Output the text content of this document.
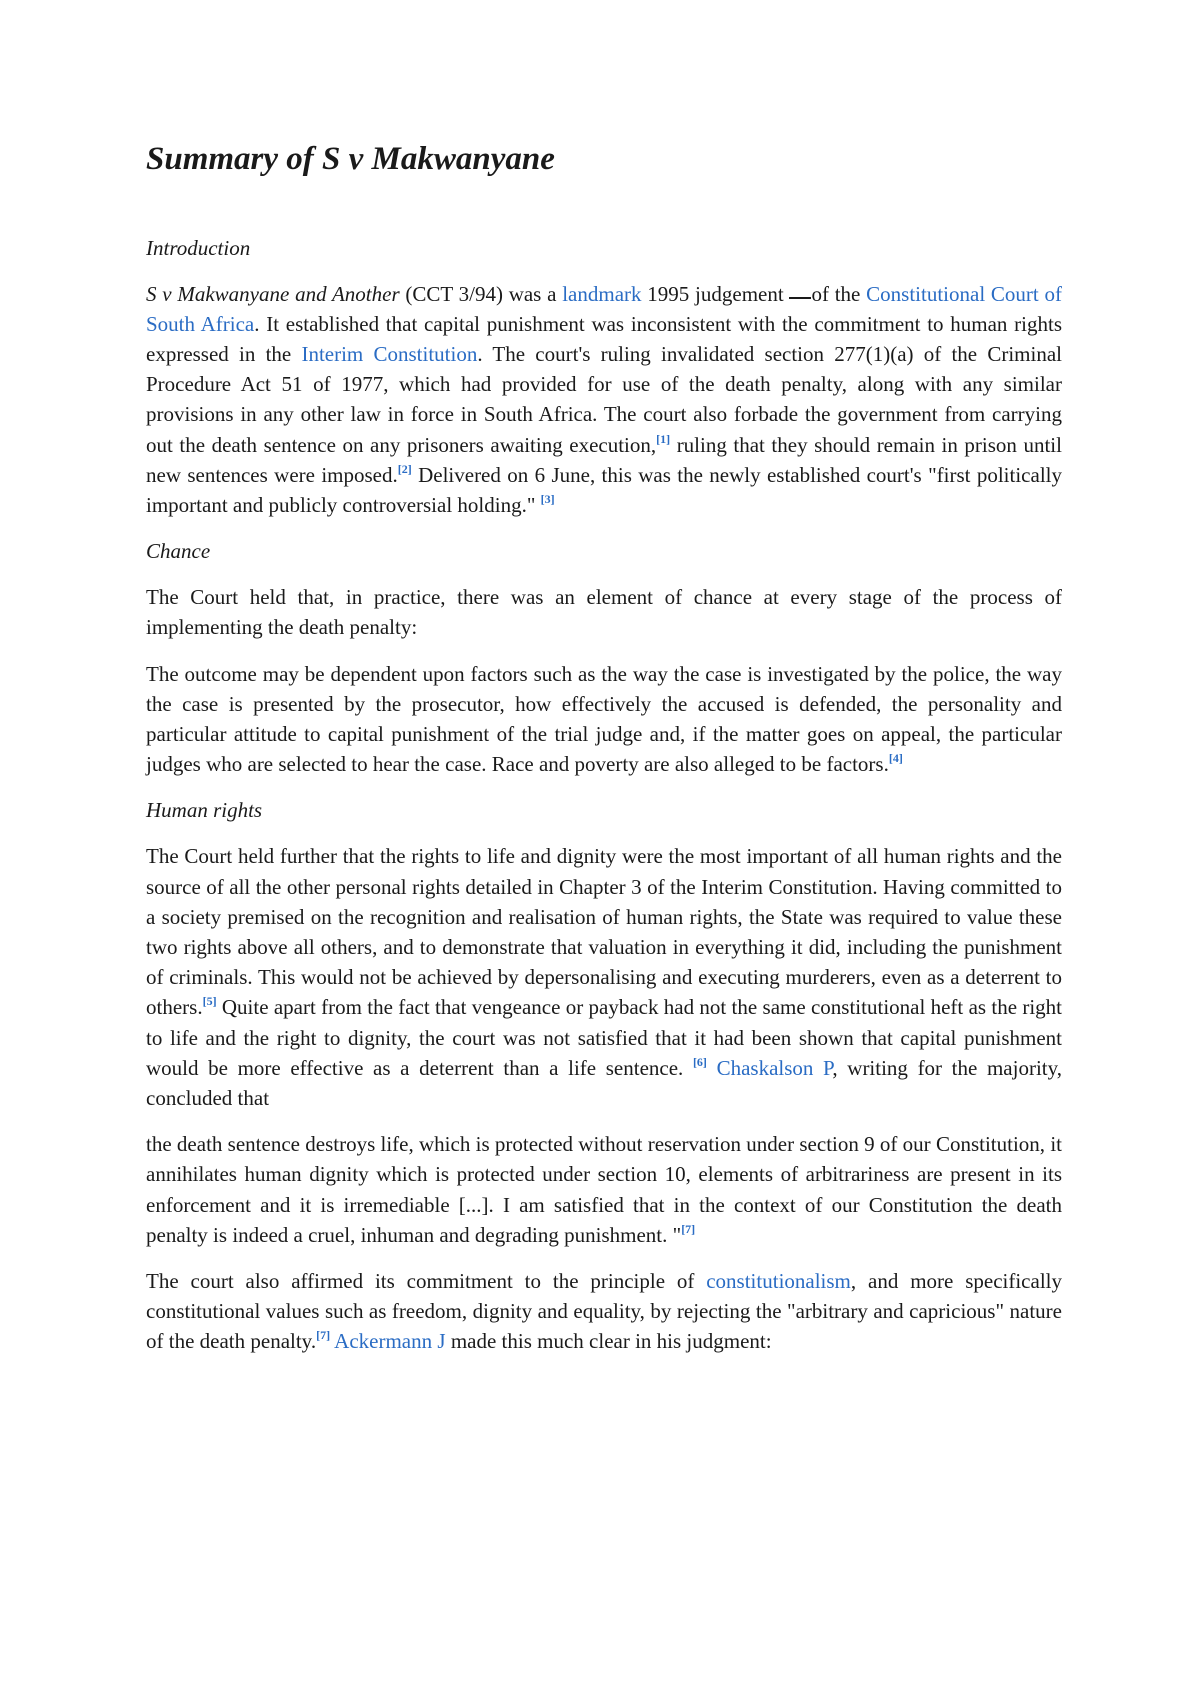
Summary of S v Makwanyane
Introduction

S v Makwanyane and Another (CCT 3/94) was a landmark 1995 judgement of the Constitutional Court of South Africa. It established that capital punishment was inconsistent with the commitment to human rights expressed in the Interim Constitution. The court's ruling invalidated section 277(1)(a) of the Criminal Procedure Act 51 of 1977, which had provided for use of the death penalty, along with any similar provisions in any other law in force in South Africa. The court also forbade the government from carrying out the death sentence on any prisoners awaiting execution,[1] ruling that they should remain in prison until new sentences were imposed.[2] Delivered on 6 June, this was the newly established court's "first politically important and publicly controversial holding." [3]

Chance

The Court held that, in practice, there was an element of chance at every stage of the process of implementing the death penalty:

The outcome may be dependent upon factors such as the way the case is investigated by the police, the way the case is presented by the prosecutor, how effectively the accused is defended, the personality and particular attitude to capital punishment of the trial judge and, if the matter goes on appeal, the particular judges who are selected to hear the case. Race and poverty are also alleged to be factors.[4]

Human rights

The Court held further that the rights to life and dignity were the most important of all human rights and the source of all the other personal rights detailed in Chapter 3 of the Interim Constitution. Having committed to a society premised on the recognition and realisation of human rights, the State was required to value these two rights above all others, and to demonstrate that valuation in everything it did, including the punishment of criminals. This would not be achieved by depersonalising and executing murderers, even as a deterrent to others.[5] Quite apart from the fact that vengeance or payback had not the same constitutional heft as the right to life and the right to dignity, the court was not satisfied that it had been shown that capital punishment would be more effective as a deterrent than a life sentence. [6] Chaskalson P, writing for the majority, concluded that

the death sentence destroys life, which is protected without reservation under section 9 of our Constitution, it annihilates human dignity which is protected under section 10, elements of arbitrariness are present in its enforcement and it is irremediable [...]. I am satisfied that in the context of our Constitution the death penalty is indeed a cruel, inhuman and degrading punishment. "[7]

The court also affirmed its commitment to the principle of constitutionalism, and more specifically constitutional values such as freedom, dignity and equality, by rejecting the "arbitrary and capricious" nature of the death penalty.[7] Ackermann J made this much clear in his judgment:
